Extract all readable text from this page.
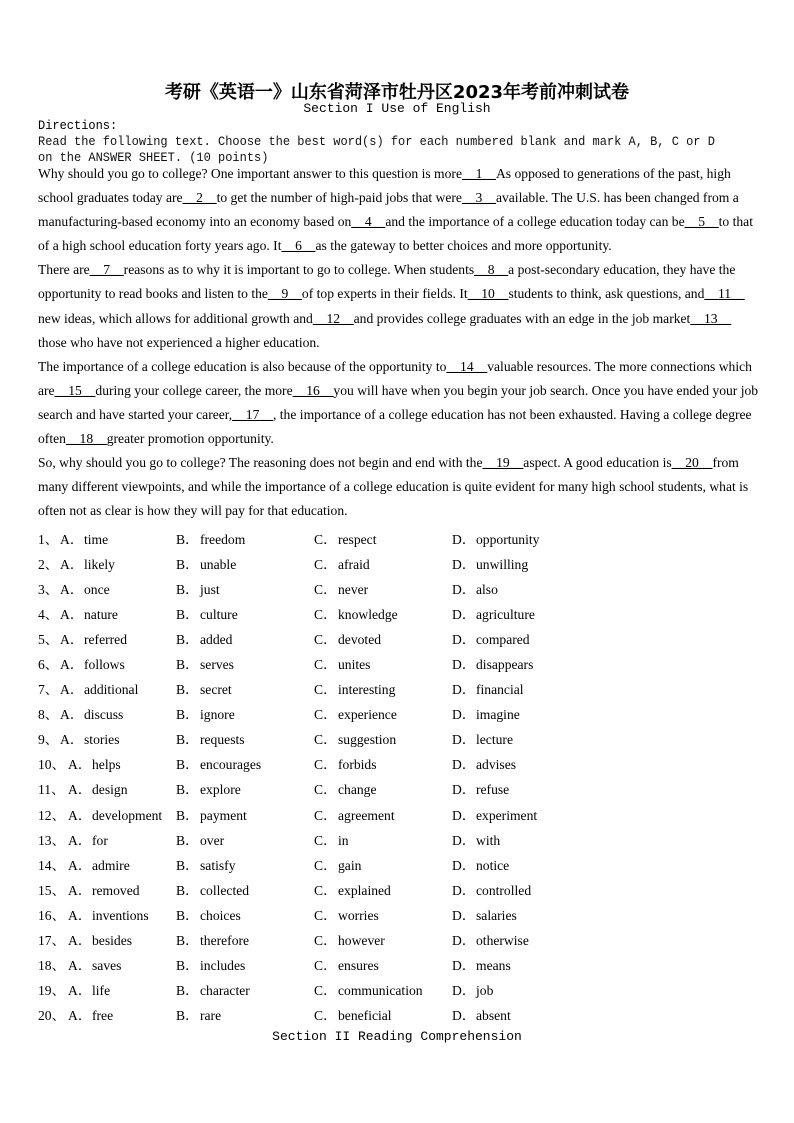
考研《英语一》山东省菏泽市牡丹区2023年考前冲刺试卷
Section I Use of English
Directions:
Read the following text. Choose the best word(s) for each numbered blank and mark A, B, C or D on the ANSWER SHEET. (10 points)

Why should you go to college? One important answer to this question is more__1__As opposed to generations of the past, high school graduates today are__2__to get the number of high-paid jobs that were__3__available. The U.S. has been changed from a manufacturing-based economy into an economy based on__4__and the importance of a college education today can be__5__to that of a high school education forty years ago. It__6__as the gateway to better choices and more opportunity.

There are__7__reasons as to why it is important to go to college. When students__8__a post-secondary education, they have the opportunity to read books and listen to the__9__of top experts in their fields. It__10__students to think, ask questions, and__11__ new ideas, which allows for additional growth and__12__and provides college graduates with an edge in the job market__13__ those who have not experienced a higher education.

The importance of a college education is also because of the opportunity to__14__valuable resources. The more connections which are__15__during your college career, the more__16__you will have when you begin your job search. Once you have ended your job search and have started your career,__17__, the importance of a college education has not been exhausted. Having a college degree often__18__greater promotion opportunity.

So, why should you go to college? The reasoning does not begin and end with the__19__aspect. A good education is__20__from many different viewpoints, and while the importance of a college education is quite evident for many high school students, what is often not as clear is how they will pay for that education.

1、 A．time	B．freedom	C．respect	D．opportunity
2、 A．likely	B．unable	C．afraid	D．unwilling
3、 A．once	B．just	C．never	D．also
4、 A．nature	B．culture	C．knowledge	D．agriculture
5、 A．referred	B．added	C．devoted	D．compared
6、 A．follows	B．serves	C．unites	D．disappears
7、 A．additional	B．secret	C．interesting	D．financial
8、 A．discuss	B．ignore	C．experience	D．imagine
9、 A．stories	B．requests	C．suggestion	D．lecture
10、 A．helps	B．encourages	C．forbids	D．advises
11、 A．design	B．explore	C．change	D．refuse
12、 A．development B．payment	C．agreement	D．experiment
13、 A．for	B．over	C．in	D．with
14、 A．admire	B．satisfy	C．gain	D．notice
15、 A．removed	B．collected	C．explained	D．controlled
16、 A．inventions B．choices	C．worries	D．salaries
17、 A．besides	B．therefore	C．however	D．otherwise
18、 A．saves	B．includes	C．ensures	D．means
19、 A．life	B．character	C．communication D．job
20、 A．free	B．rare	C．beneficial	D．absent
Section II Reading Comprehension
